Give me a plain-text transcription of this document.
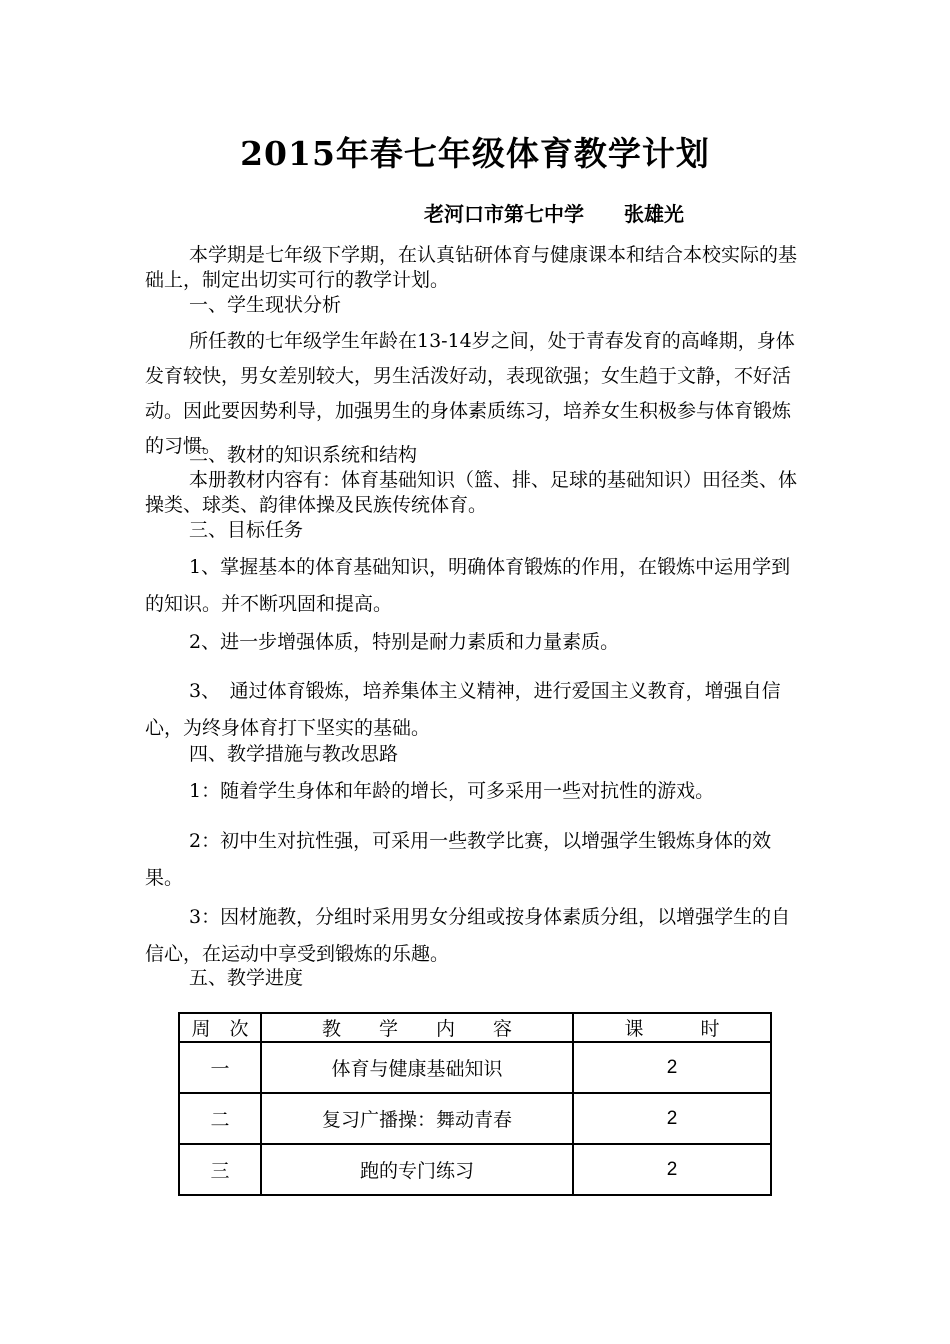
2015年春七年级体育教学计划
老河口市第七中学　　张雄光

本学期是七年级下学期，在认真钻研体育与健康课本和结合本校实际的基础上，制定出切实可行的教学计划。

一、学生现状分析

所任教的七年级学生年龄在13-14岁之间，处于青春发育的高峰期，身体发育较快，男女差别较大，男生活泼好动，表现欲强；女生趋于文静，不好活动。因此要因势利导，加强男生的身体素质练习，培养女生积极参与体育锻炼的习惯。

二、教材的知识系统和结构

本册教材内容有：体育基础知识（篮、排、足球的基础知识）田径类、体操类、球类、韵律体操及民族传统体育。

三、目标任务

1、掌握基本的体育基础知识，明确体育锻炼的作用，在锻炼中运用学到的知识。并不断巩固和提高。

2、进一步增强体质，特别是耐力素质和力量素质。

3、　通过体育锻炼，培养集体主义精神，进行爱国主义教育，增强自信心，为终身体育打下坚实的基础。

四、教学措施与教改思路

1：随着学生身体和年龄的增长，可多采用一些对抗性的游戏。

2：初中生对抗性强，可采用一些教学比赛，以增强学生锻炼身体的效果。

3：因材施教，分组时采用男女分组或按身体素质分组，以增强学生的自信心，在运动中享受到锻炼的乐趣。

五、教学进度

周　次	教　　学　　内　　容	课　　　时
一	体育与健康基础知识	2
二	复习广播操：舞动青春	2
三	跑的专门练习	2
